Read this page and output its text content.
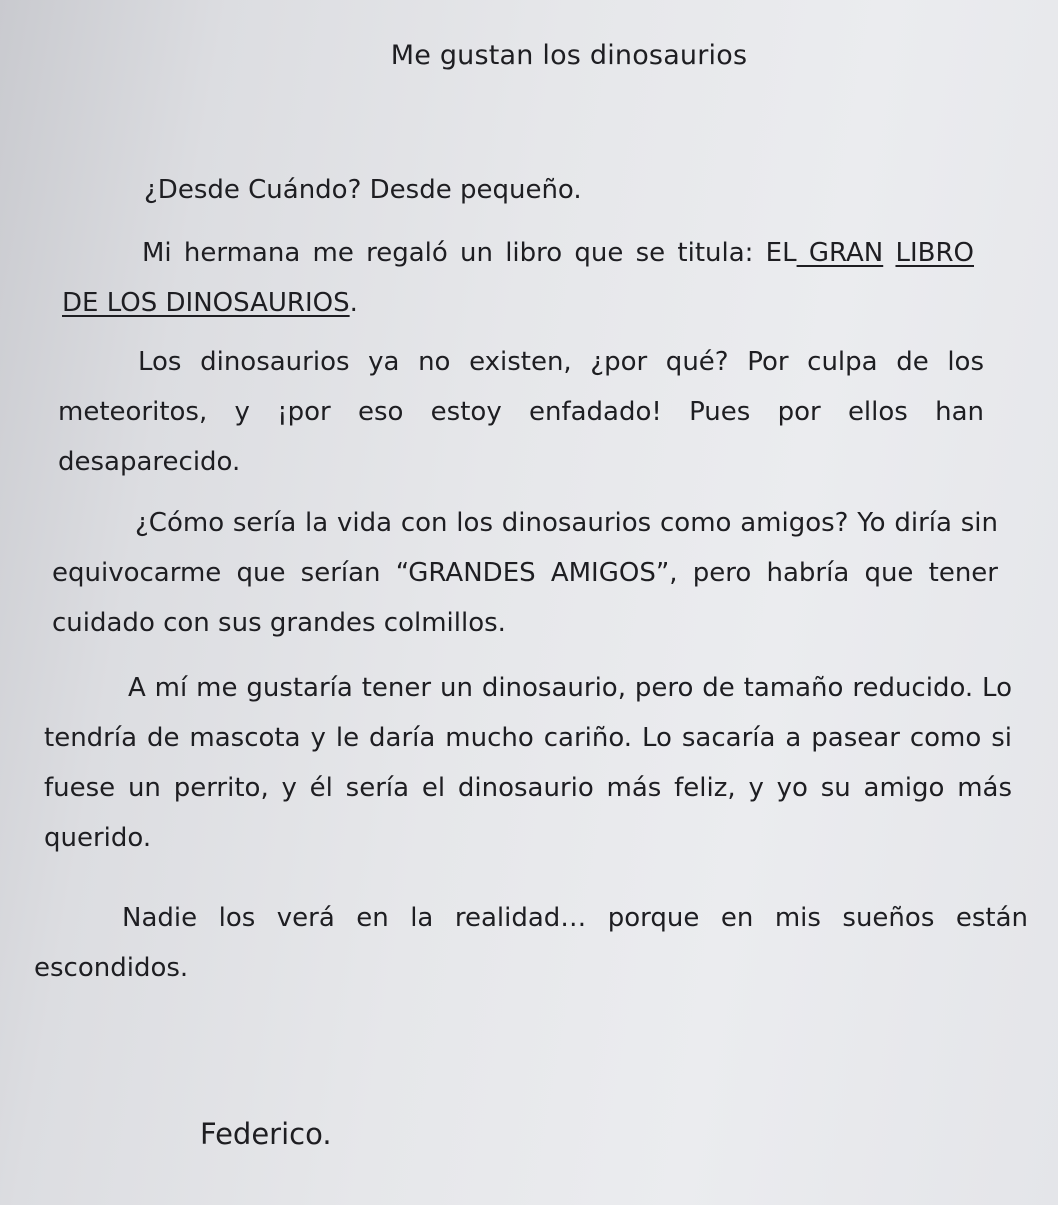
Me gustan los dinosaurios
¿Desde Cuándo? Desde pequeño.
Mi hermana me regaló un libro que se titula: EL GRAN LIBRO DE LOS DINOSAURIOS.
Los dinosaurios ya no existen, ¿por qué? Por culpa de los meteoritos, y ¡por eso estoy enfadado! Pues por ellos han desaparecido.
¿Cómo sería la vida con los dinosaurios como amigos? Yo diría sin equivocarme que serían “GRANDES AMIGOS”, pero habría que tener cuidado con sus grandes colmillos.
A mí me gustaría tener un dinosaurio, pero de tamaño reducido. Lo tendría de mascota y le daría mucho cariño. Lo sacaría a pasear como si fuese un perrito, y él sería el dinosaurio más feliz, y yo su amigo más querido.
Nadie los verá en la realidad… porque en mis sueños están escondidos.
Federico.
